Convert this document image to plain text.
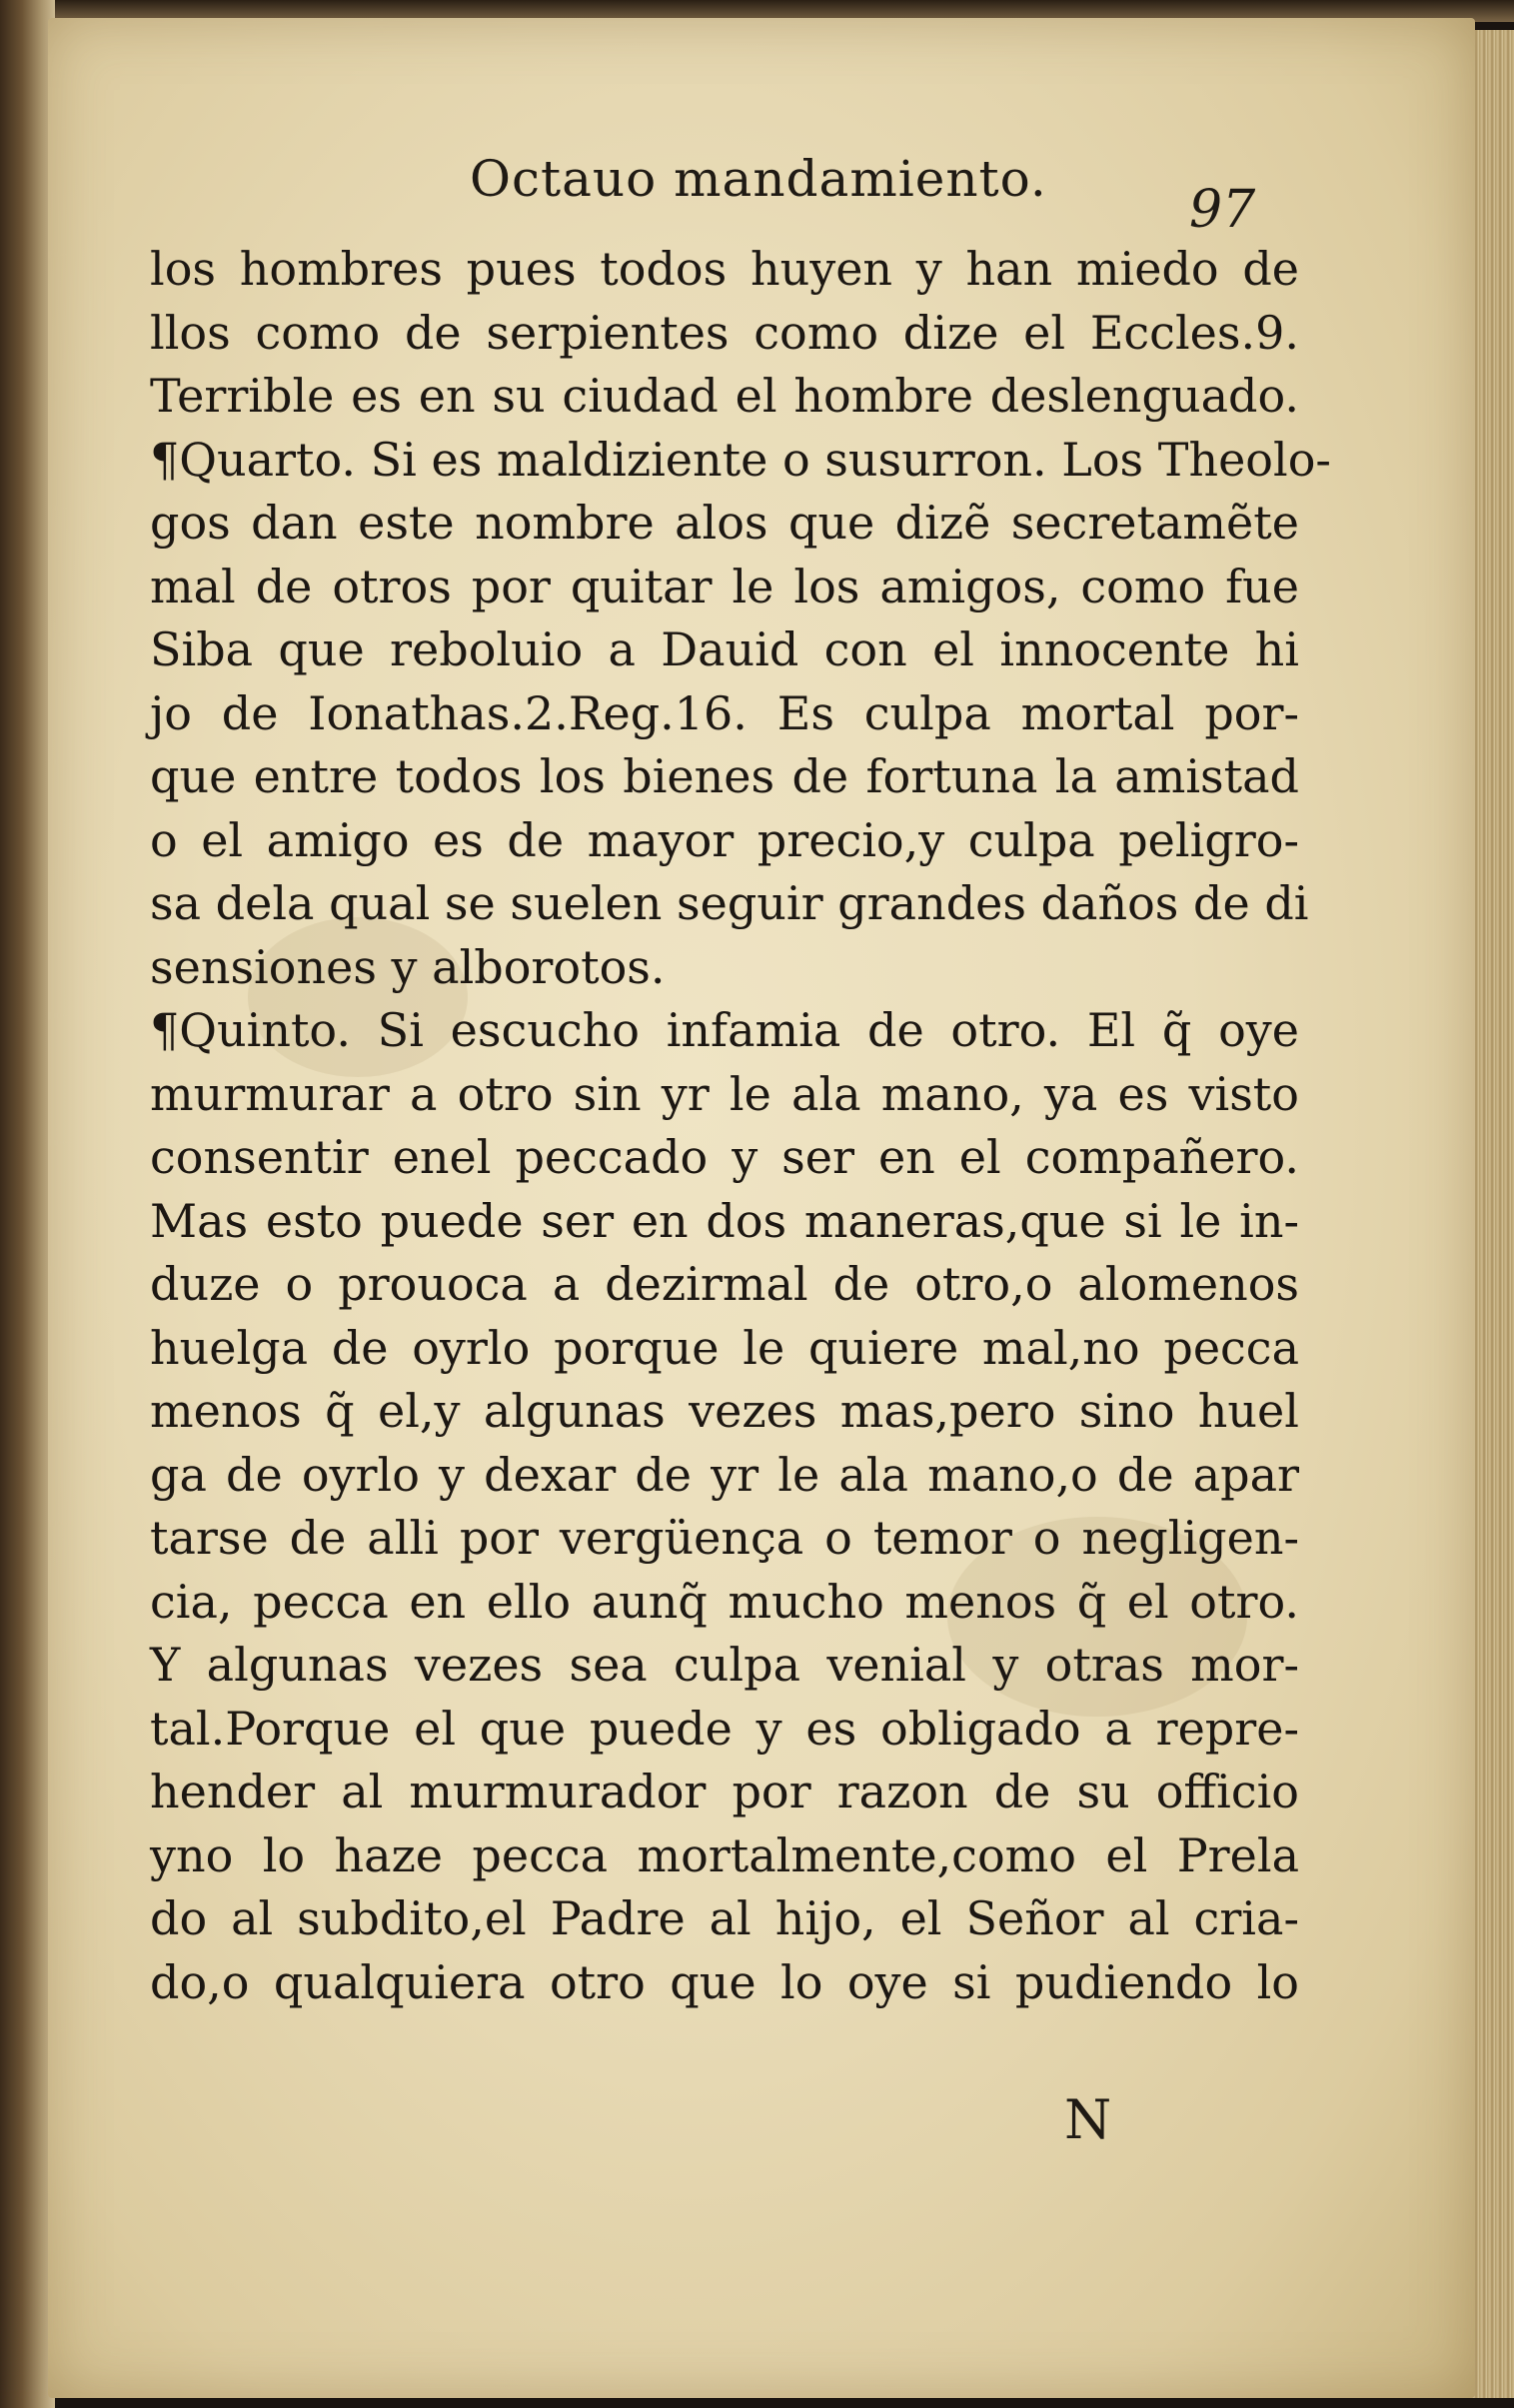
Octauo mandamiento.
97
los hombres pues todos huyen y han miedo de
llos como de serpientes como dize el Eccles.9.
Terrible es en su ciudad el hombre deslenguado.
¶Quarto. Si es maldiziente o susurron. Los Theolo-
gos dan este nombre alos que dizẽ secretamẽte
mal de otros por quitar le los amigos, como fue
Siba que reboluio a Dauid con el innocente hi
jo de Ionathas.2.Reg.16. Es culpa mortal por-
que entre todos los bienes de fortuna la amistad
o el amigo es de mayor precio,y culpa peligro-
sa dela qual se suelen seguir grandes daños de di
sensiones y alborotos.
¶Quinto. Si escucho infamia de otro. El q̃ oye
murmurar a otro sin yr le ala mano, ya es visto
consentir enel peccado y ser en el compañero.
Mas esto puede ser en dos maneras,que si le in-
duze o prouoca a dezirmal de otro,o alomenos
huelga de oyrlo porque le quiere mal,no pecca
menos q̃ el,y algunas vezes mas,pero sino huel
ga de oyrlo y dexar de yr le ala mano,o de apar
tarse de alli por vergüença o temor o negligen-
cia, pecca en ello aunq̃ mucho menos q̃ el otro.
Y algunas vezes sea culpa venial y otras mor-
tal.Porque el que puede y es obligado a repre-
hender al murmurador por razon de su officio
yno lo haze pecca mortalmente,como el Prela
do al subdito,el Padre al hijo, el Señor al cria-
do,o qualquiera otro que lo oye si pudiendo lo
N
